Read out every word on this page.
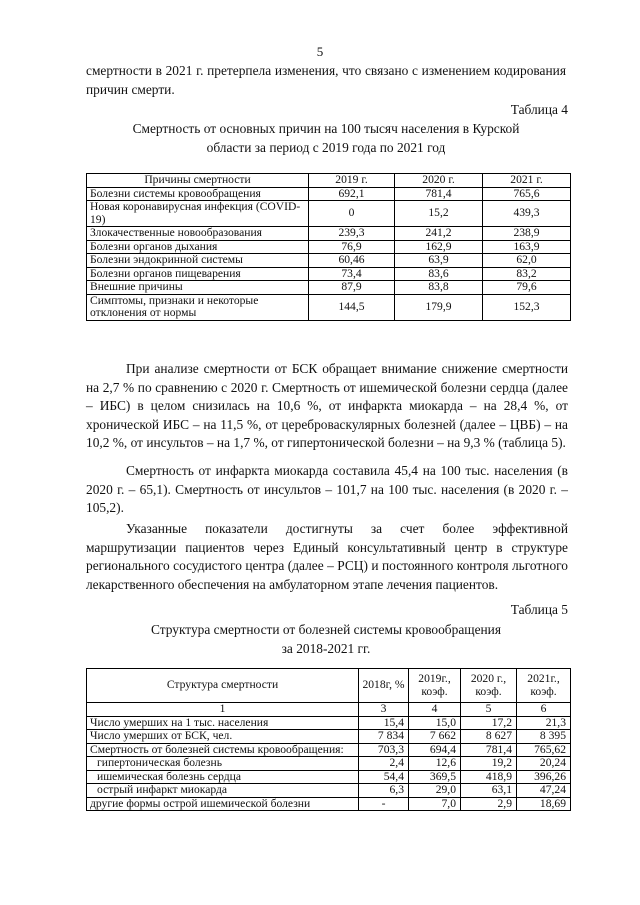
5
смертности в 2021 г. претерпела изменения, что связано с изменением кодирования причин смерти.
Таблица 4
Смертность от основных причин на 100 тысяч населения в Курской
области за период с 2019 года по 2021 год
Причины смертности	2019 г.	2020 г.	2021 г.
Болезни системы кровообращения	692,1	781,4	765,6
Новая коронавирусная инфекция (COVID-19)	0	15,2	439,3
Злокачественные новообразования	239,3	241,2	238,9
Болезни органов дыхания	76,9	162,9	163,9
Болезни эндокринной системы	60,46	63,9	62,0
Болезни органов пищеварения	73,4	83,6	83,2
Внешние причины	87,9	83,8	79,6
Симптомы, признаки и некоторые отклонения от нормы	144,5	179,9	152,3
При анализе смертности от БСК обращает внимание снижение смертности на 2,7 % по сравнению с 2020 г. Смертность от ишемической болезни сердца (далее – ИБС) в целом снизилась на 10,6 %, от инфаркта миокарда – на 28,4 %, от хронической ИБС – на 11,5 %, от цереброваскулярных болезней (далее – ЦВБ) – на 10,2 %, от инсультов – на 1,7 %, от гипертонической болезни – на 9,3 % (таблица 5).
Смертность от инфаркта миокарда составила 45,4 на 100 тыс. населения (в 2020 г. – 65,1). Смертность от инсультов – 101,7 на 100 тыс. населения (в 2020 г. – 105,2).
Указанные показатели достигнуты за счет более эффективной маршрутизации пациентов через Единый консультативный центр в структуре регионального сосудистого центра (далее – РСЦ) и постоянного контроля льготного лекарственного обеспечения на амбулаторном этапе лечения пациентов.
Таблица 5
Структура смертности от болезней системы кровообращения
за 2018-2021 гг.
Структура смертности	2018г, %	2019г., коэф.	2020 г., коэф.	2021г., коэф.
1	3	4	5	6
Число умерших на 1 тыс. населения	15,4	15,0	17,2	21,3
Число умерших от БСК, чел.	7 834	7 662	8 627	8 395
Смертность от болезней системы кровообращения:	703,3	694,4	781,4	765,62
гипертоническая болезнь	2,4	12,6	19,2	20,24
ишемическая болезнь сердца	54,4	369,5	418,9	396,26
острый инфаркт миокарда	6,3	29,0	63,1	47,24
другие формы острой ишемической болезни	-	7,0	2,9	18,69
